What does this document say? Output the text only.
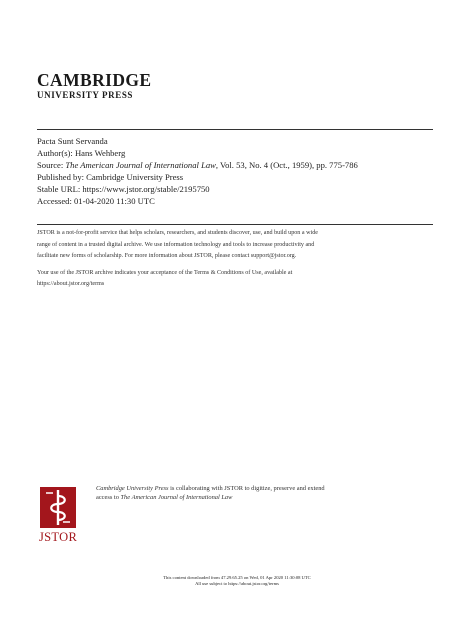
CAMBRIDGE
UNIVERSITY PRESS
Pacta Sunt Servanda
Author(s): Hans Wehberg
Source: The American Journal of International Law, Vol. 53, No. 4 (Oct., 1959), pp. 775-786
Published by: Cambridge University Press
Stable URL: https://www.jstor.org/stable/2195750
Accessed: 01-04-2020 11:30 UTC

JSTOR is a not-for-profit service that helps scholars, researchers, and students discover, use, and build upon a wide

range of content in a trusted digital archive. We use information technology and tools to increase productivity and

facilitate new forms of scholarship. For more information about JSTOR, please contact support@jstor.org.

Your use of the JSTOR archive indicates your acceptance of the Terms & Conditions of Use, available at

https://about.jstor.org/terms

JSTOR
Cambridge University Press is collaborating with JSTOR to digitize, preserve and extend
access to The American Journal of International Law
This content downloaded from 47.29.65.25 on Wed, 01 Apr 2020 11:30:08 UTC
All use subject to https://about.jstor.org/terms
